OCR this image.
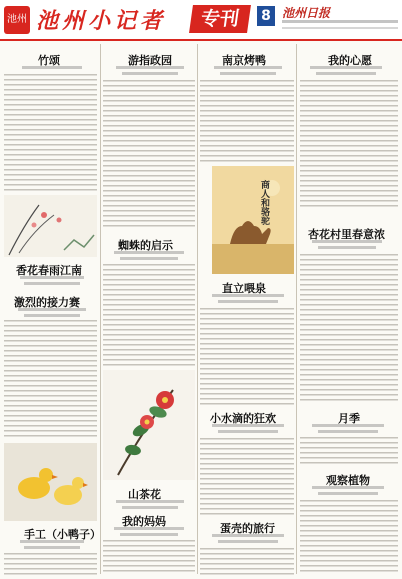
池州 池州小记者	专刊	8 池州日报
竹颂
香花春雨江南
激烈的接力赛
手工（小鸭子）
游指政园
蜘蛛的启示
山茶花
我的妈妈
南京烤鸭
商人和骆驼
直立喂泉
小水滴的狂欢
蛋壳的旅行
我的心愿
杏花村里春意浓
月季
观察植物
